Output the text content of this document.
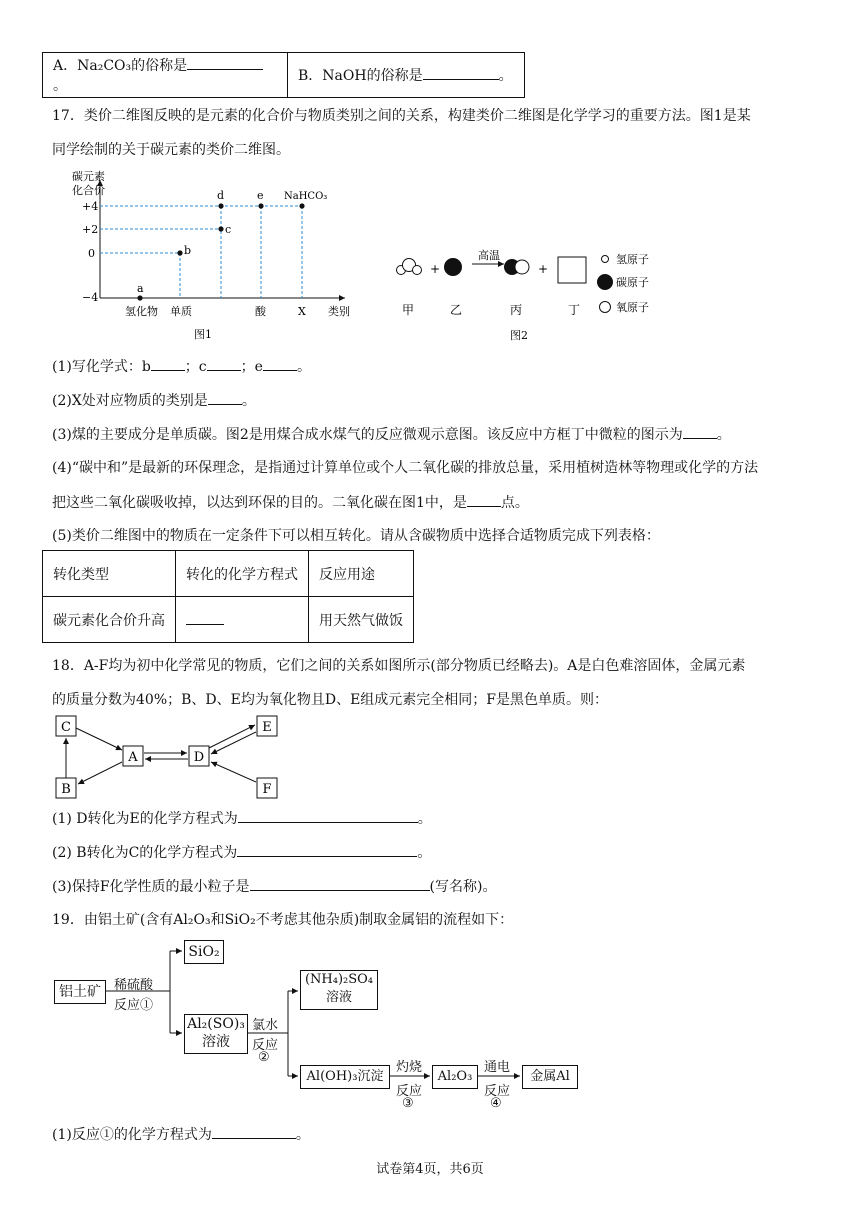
A．Na₂CO₃的俗称是。	B．NaOH的俗称是	。
17．类价二维图反映的是元素的化合价与物质类别之间的关系，构建类价二维图是化学学习的重要方法。图1是某
同学绘制的关于碳元素的类价二维图。
碳元素
化合价
+4
+2
0
−4
a
b
c
d	e NaHCO₃
氢化物 单质	酸	X 类别
图1
+
高温
+
氢原子
碳原子
氧原子
甲	乙	丙	丁
图2
(1)写化学式：b ；c ；e 。
(2)X处对应物质的类别是 。
(3)煤的主要成分是单质碳。图2是用煤合成水煤气的反应微观示意图。该反应中方框丁中微粒的图示为 。
(4)“碳中和”是最新的环保理念，是指通过计算单位或个人二氧化碳的排放总量，采用植树造林等物理或化学的方法
把这些二氧化碳吸收掉，以达到环保的目的。二氧化碳在图1中，是 点。
(5)类价二维图中的物质在一定条件下可以相互转化。请从含碳物质中选择合适物质完成下列表格：
转化类型	转化的化学方程式	反应用途
碳元素化合价升高		用天然气做饭
18．A-F均为初中化学常见的物质，它们之间的关系如图所示(部分物质已经略去)。A是白色难溶固体，金属元素
的质量分数为40%；B、D、E均为氧化物且D、E组成元素完全相同；F是黑色单质。则：
C
A	D
E
B	F
(1) D转化为E的化学方程式为	。
(2) B转化为C的化学方程式为	。
(3)保持F化学性质的最小粒子是	(写名称)。
19．由铝土矿(含有Al₂O₃和SiO₂不考虑其他杂质)制取金属铝的流程如下：
铝土矿	稀硫酸
反应①
SiO₂
Al₂(SO)₃
溶液
氯水
反应
②
(NH₄)₂SO₄
溶液
Al(OH)₃沉淀
灼烧
反应
③
Al₂O₃
通电
反应
④
金属Al
(1)反应①的化学方程式为	。
试卷第4页，共6页
